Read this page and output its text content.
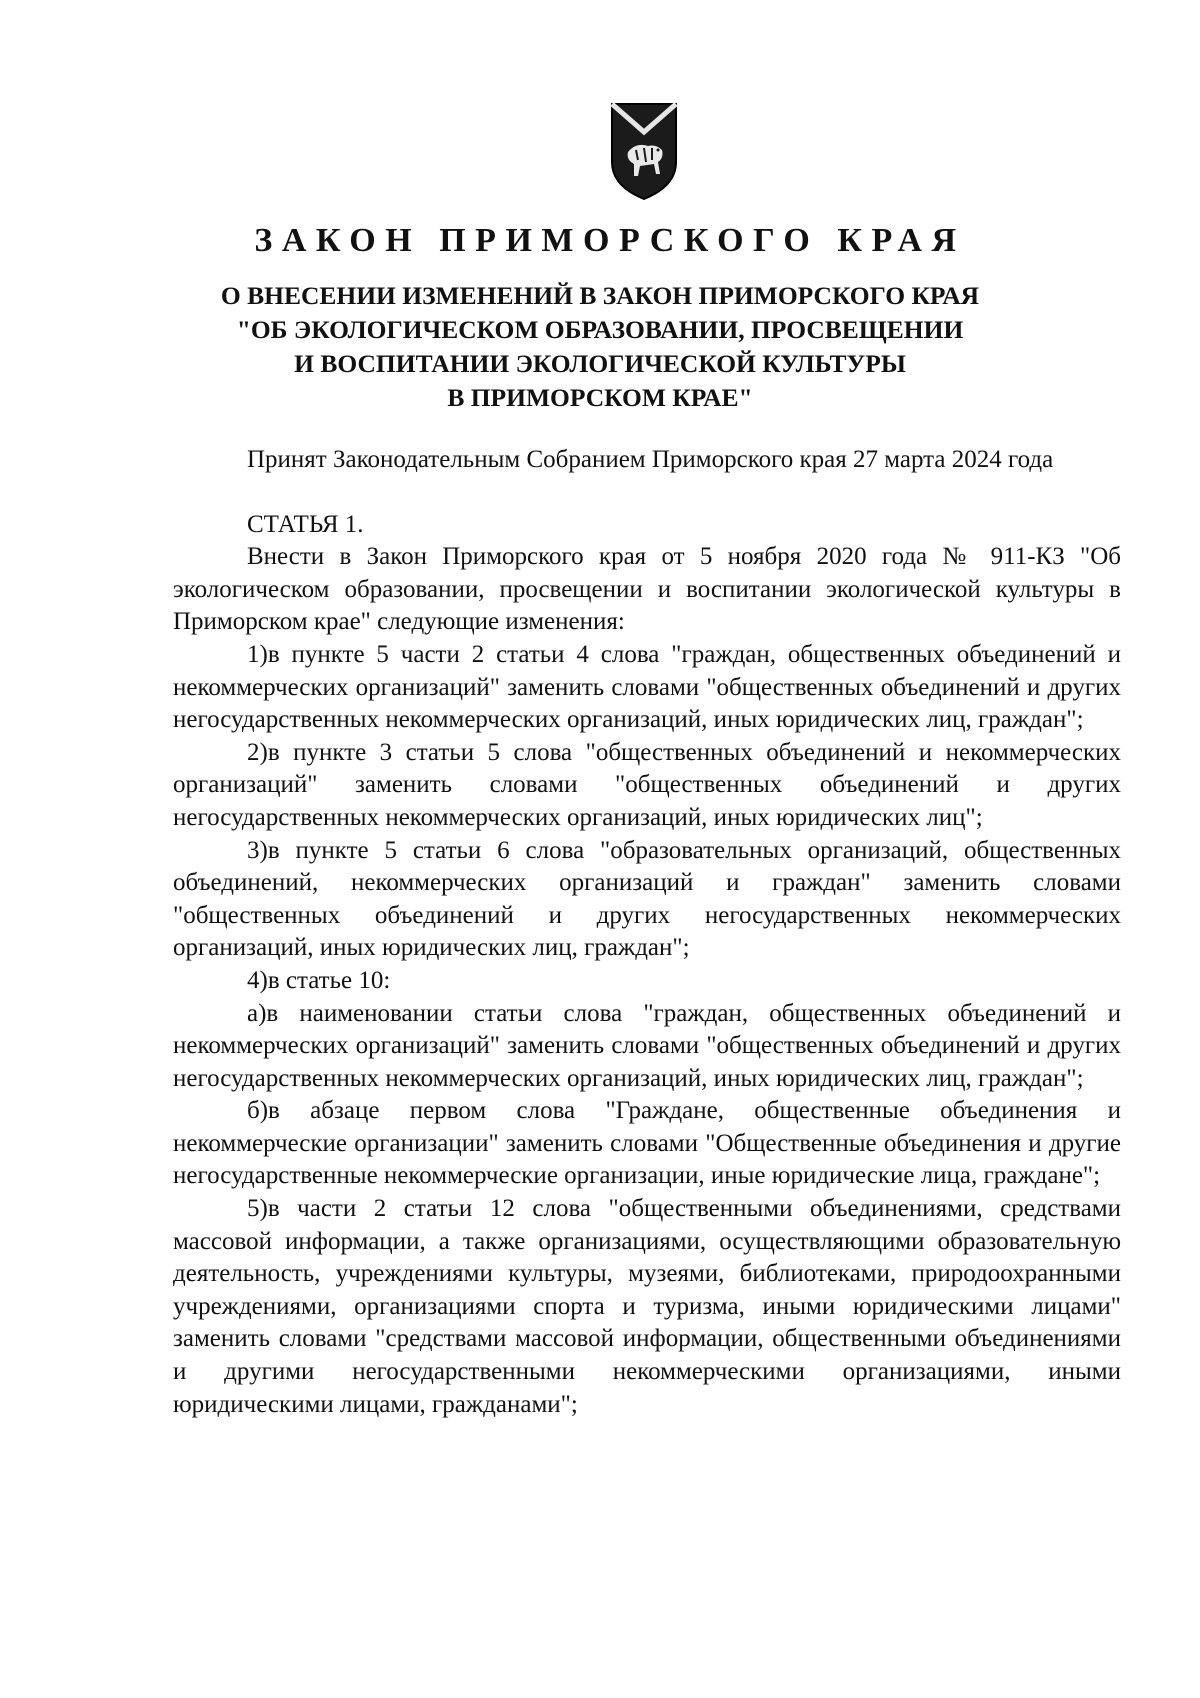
ЗАКОН ПРИМОРСКОГО КРАЯ
О ВНЕСЕНИИ ИЗМЕНЕНИЙ В ЗАКОН ПРИМОРСКОГО КРАЯ
"ОБ ЭКОЛОГИЧЕСКОМ ОБРАЗОВАНИИ, ПРОСВЕЩЕНИИ
И ВОСПИТАНИИ ЭКОЛОГИЧЕСКОЙ КУЛЬТУРЫ
В ПРИМОРСКОМ КРАЕ"

Принят Законодательным Собранием Приморского края 27 марта 2024 года

СТАТЬЯ 1.

Внести в Закон Приморского края от 5 ноября 2020 года № 911-КЗ "Об экологическом образовании, просвещении и воспитании экологической культуры в Приморском крае" следующие изменения:

1)в пункте 5 части 2 статьи 4 слова "граждан, общественных объединений и некоммерческих организаций" заменить словами "общественных объединений и других негосударственных некоммерческих организаций, иных юридических лиц, граждан";

2)в пункте 3 статьи 5 слова "общественных объединений и некоммерческих организаций" заменить словами "общественных объединений и других негосударственных некоммерческих организаций, иных юридических лиц";

3)в пункте 5 статьи 6 слова "образовательных организаций, общественных объединений, некоммерческих организаций и граждан" заменить словами "общественных объединений и других негосударственных некоммерческих организаций, иных юридических лиц, граждан";

4)в статье 10:

а)в наименовании статьи слова "граждан, общественных объединений и некоммерческих организаций" заменить словами "общественных объединений и других негосударственных некоммерческих организаций, иных юридических лиц, граждан";

б)в абзаце первом слова "Граждане, общественные объединения и некоммерческие организации" заменить словами "Общественные объединения и другие негосударственные некоммерческие организации, иные юридические лица, граждане";

5)в части 2 статьи 12 слова "общественными объединениями, средствами массовой информации, а также организациями, осуществляющими образовательную деятельность, учреждениями культуры, музеями, библиотеками, природоохранными учреждениями, организациями спорта и туризма, иными юридическими лицами" заменить словами "средствами массовой информации, общественными объединениями и другими негосударственными некоммерческими организациями, иными юридическими лицами, гражданами";
